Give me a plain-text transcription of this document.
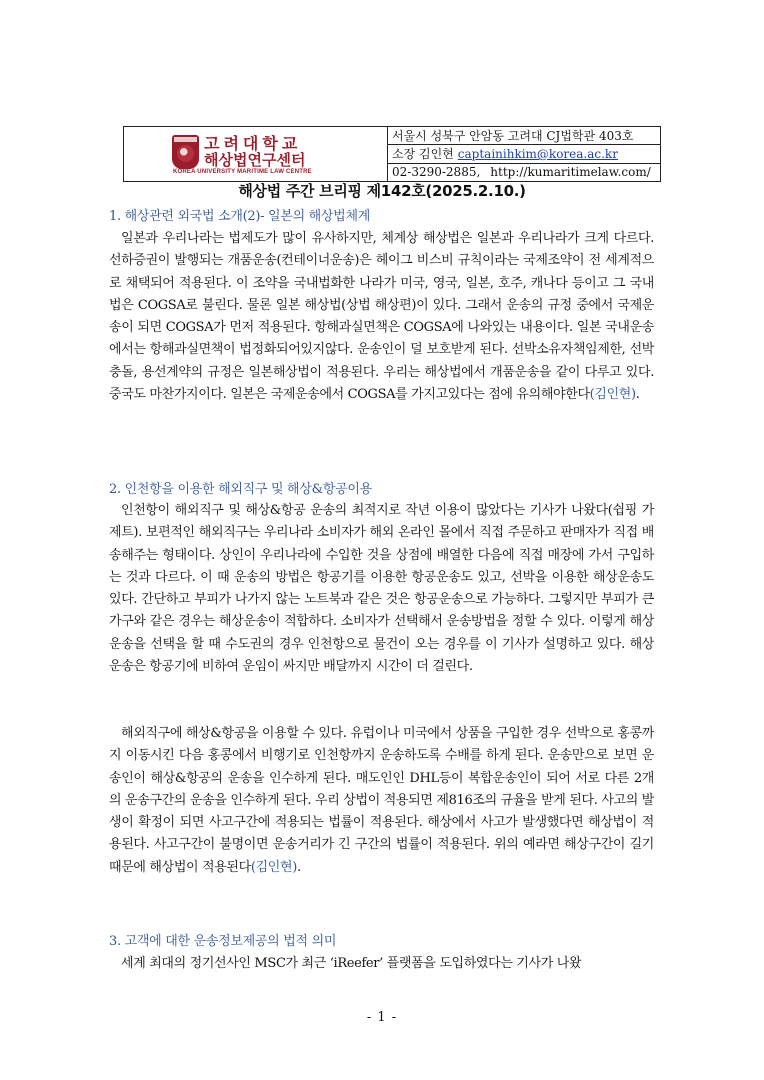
고려대학교
해상법연구센터
KOREA UNIVERSITY MARITIME LAW CENTRE
서울시 성북구 안암동 고려대 CJ법학관 403호
소장 김인현 captainihkim@korea.ac.kr
02-3290-2885, http://kumaritimelaw.com/
해상법 주간 브리핑 제142호(2025.2.10.)
1. 해상관련 외국법 소개(2)- 일본의 해상법체계
일본과 우리나라는 법제도가 많이 유사하지만, 체계상 해상법은 일본과 우리나라가 크게 다르다. 선하증권이 발행되는 개품운송(컨테이너운송)은 헤이그 비스비 규칙이라는 국제조약이 전 세계적으로 채택되어 적용된다. 이 조약을 국내법화한 나라가 미국, 영국, 일본, 호주, 캐나다 등이고 그 국내법은 COGSA로 불린다. 물론 일본 해상법(상법 해상편)이 있다. 그래서 운송의 규정 중에서 국제운송이 되면 COGSA가 먼저 적용된다. 항해과실면책은 COGSA에 나와있는 내용이다. 일본 국내운송에서는 항해과실면책이 법정화되어있지않다. 운송인이 덜 보호받게 된다. 선박소유자책임제한, 선박충돌, 용선계약의 규정은 일본해상법이 적용된다. 우리는 해상법에서 개품운송을 같이 다루고 있다. 중국도 마찬가지이다. 일본은 국제운송에서 COGSA를 가지고있다는 점에 유의해야한다(김인현).
2. 인천항을 이용한 해외직구 및 해상&항공이용
인천항이 해외직구 및 해상&항공 운송의 최적지로 작년 이용이 많았다는 기사가 나왔다(쉽핑 가제트). 보편적인 해외직구는 우리나라 소비자가 해외 온라인 몰에서 직접 주문하고 판매자가 직접 배송해주는 형태이다. 상인이 우리나라에 수입한 것을 상점에 배열한 다음에 직접 매장에 가서 구입하는 것과 다르다. 이 때 운송의 방법은 항공기를 이용한 항공운송도 있고, 선박을 이용한 해상운송도 있다. 간단하고 부피가 나가지 않는 노트북과 같은 것은 항공운송으로 가능하다. 그렇지만 부피가 큰 가구와 같은 경우는 해상운송이 적합하다. 소비자가 선택해서 운송방법을 정할 수 있다. 이렇게 해상운송을 선택을 할 때 수도권의 경우 인천항으로 물건이 오는 경우를 이 기사가 설명하고 있다. 해상운송은 항공기에 비하여 운임이 싸지만 배달까지 시간이 더 걸린다.
해외직구에 해상&항공을 이용할 수 있다. 유럽이나 미국에서 상품을 구입한 경우 선박으로 홍콩까지 이동시킨 다음 홍콩에서 비행기로 인천항까지 운송하도록 수배를 하게 된다. 운송만으로 보면 운송인이 해상&항공의 운송을 인수하게 된다. 매도인인 DHL등이 복합운송인이 되어 서로 다른 2개의 운송구간의 운송을 인수하게 된다. 우리 상법이 적용되면 제816조의 규율을 받게 된다. 사고의 발생이 확정이 되면 사고구간에 적용되는 법률이 적용된다. 해상에서 사고가 발생했다면 해상법이 적용된다. 사고구간이 불명이면 운송거리가 긴 구간의 법률이 적용된다. 위의 예라면 해상구간이 길기 때문에 해상법이 적용된다(김인현).
3. 고객에 대한 운송정보제공의 법적 의미
세계 최대의 정기선사인 MSC가 최근 ‘iReefer’ 플랫폼을 도입하였다는 기사가 나왔
- 1 -
